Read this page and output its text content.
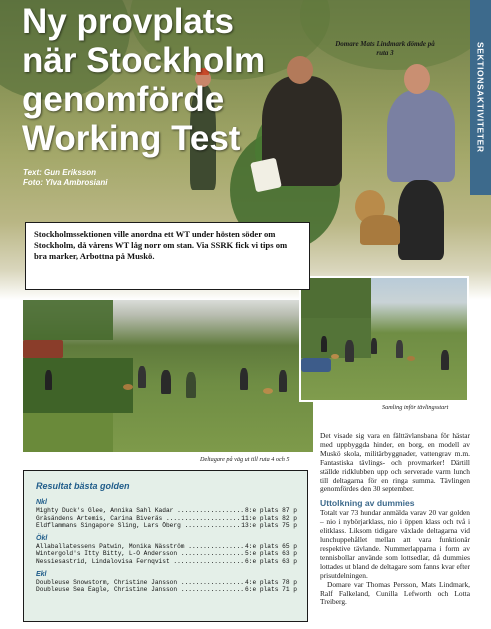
Ny provplats
när Stockholm
genomförde
Working Test
Text: Gun Eriksson
Foto: Ylva Ambrosiani
Domare Mats Lindmark dömde på ruta 3	SEKTIONSAKTIVITETER
Deltagare på väg ut till ruta 4 och 5
Samling inför tävlingsstart
Stockholmssektionen ville anordna ett WT under hösten söder om Stockholm, då vårens WT låg norr om stan. Via SSRK fick vi tips om bra marker, Arbottna på Muskö.

Det visade sig vara en fälttävlansbana för hästar med uppbyggda hinder, en borg, en modell av Muskö skola, militärbyggnader, vattengrav m.m. Fantastiska tävlings- och provmarker! Därtill ställde ridklubben upp och serverade varm lunch till deltagarna för en ringa summa. Tävlingen genomfördes den 30 september.

Uttolkning av dummies

Totalt var 73 hundar anmälda varav 20 var golden – nio i nybörjarklass, nio i öppen klass och två i elitklass. Liksom tidigare växlade deltagarna vid lunchuppehållet mellan att vara funktionär respektive tävlande. Nummerlapparna i form av tennisbollar använde som lottsedlar, då dummies lottades ut bland de deltagare som fanns kvar efter prisutdelningen.

Domare var Thomas Persson, Mats Lindmark, Ralf Falkeland, Cunilla Lefworth och Lotta Treiberg.

Resultat bästa golden
Nkl
Mighty Duck's Glee, Annika Sahl Kadar .....	8:e plats 87 p
Gräsändens Artemis, Carina Biveräs .....	11:e plats 82 p
Eldflammans Singapore Sling, Lars Öberg .....	13:e plats 75 p
Ökl
Allaballatessens Patwin, Monika Näsström .....	4:e plats 65 p
Wintergold's Itty Bitty, L-O Andersson .....	5:e plats 63 p
Nessiesastrid, Lindalovisa Fernqvist .....	6:e plats 63 p
Ekl
Doubleuse Snowstorm, Christine Jansson .....	4:e plats 78 p
Doubleuse Sea Eagle, Christine Jansson .....	6:e plats 71 p
